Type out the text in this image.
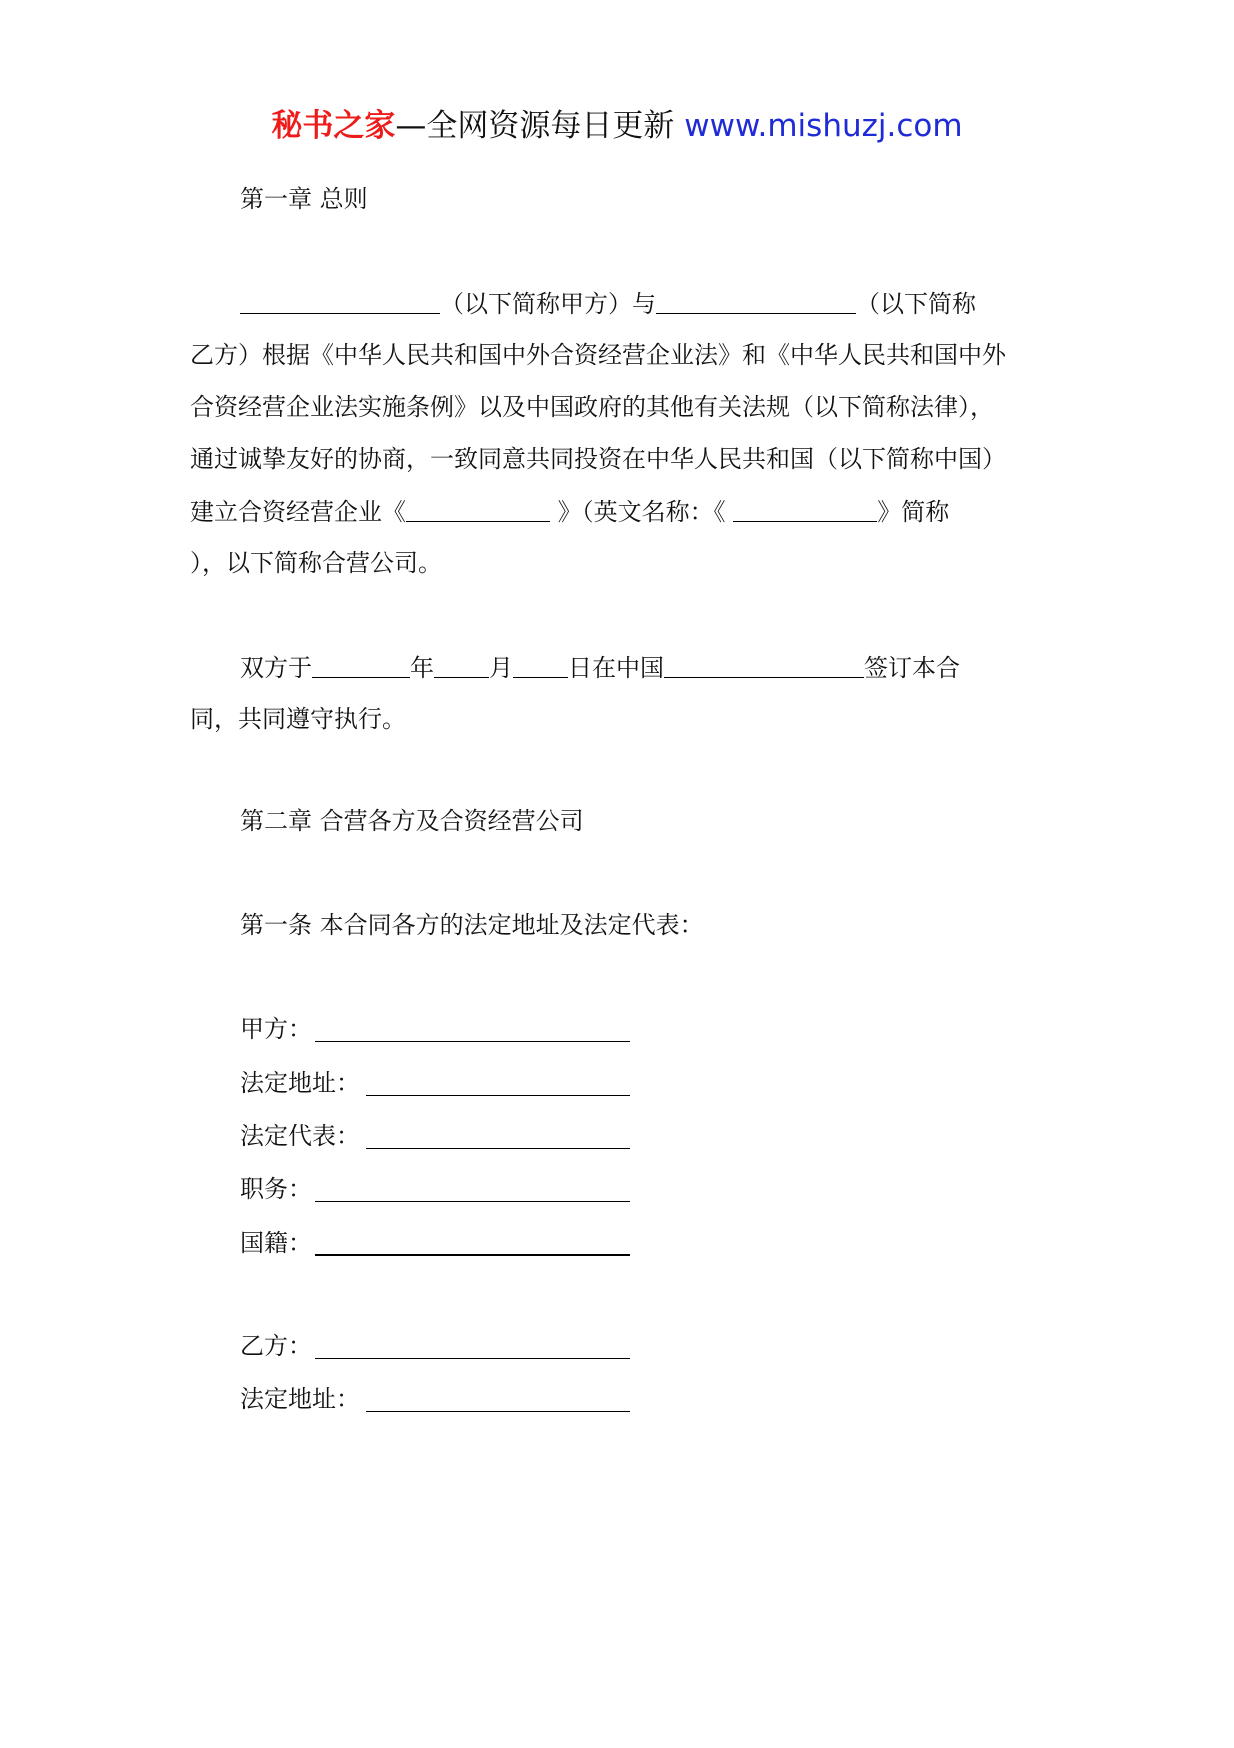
秘书之家—全网资源每日更新 www.mishuzj.com
第一章 总则
（以下简称甲方）与	（以下简称
乙方）根据《中华人民共和国中外合资经营企业法》和《中华人民共和国中外
合资经营企业法实施条例》以及中国政府的其他有关法规（以下简称法律），
通过诚挚友好的协商，一致同意共同投资在中华人民共和国（以下简称中国）
建立合资经营企业《	》（英文名称：《	》简称
），以下简称合营公司。
双方于	年 月 日在中国	签订本合
同，共同遵守执行。
第二章 合营各方及合资经营公司
第一条 本合同各方的法定地址及法定代表：
甲方：
法定地址：
法定代表：
职务：
国籍：
乙方：
法定地址：
